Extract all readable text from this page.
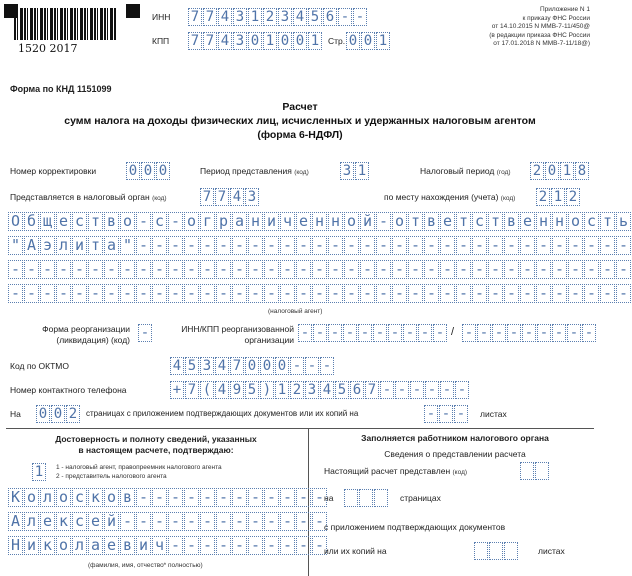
1520 2017
ИНН 7 7 4 3 1 2 3 4 5 6 - -
КПП 7 7 4 3 0 1 0 0 1	Стр. 0 0 1
Приложение N 1
к приказу ФНС России
от 14.10.2015 N ММВ-7-11/450@
(в редакции приказа ФНС России
от 17.01.2018 N ММВ-7-11/18@)
Форма по КНД 1151099
Расчет
сумм налога на доходы физических лиц, исчисленных и удержанных налоговым агентом
(форма 6-НДФЛ)
Номер корректировки 0 0 0	Период представления (код) 3 1	Налоговый период (год) 2 0 1 8
Представляется в налоговый орган (код)	7 7 4 3	по месту нахождения (учета) (код) 2 1 2
О б щ е с т в о - с - о г р а н и ч е н н о й - о т в е т с т в е н н о с т ь
" А э л и т а " - - - - - - - - - - - - - - - - - - - - - - - - - - - - - - -
- - - - - - - - - - - - - - - - - - - - - - - - - - - - - - - - - - - - - - -
- - - - - - - - - - - - - - - - - - - - - - - - - - - - - - - - - - - - - - -
(налоговый агент)
Форма реорганизации
(ликвидация) (код) -	ИНН/КПП реорганизованной
организации - - - - - - - - - - / - - - - - - - - -
Код по ОКТМО	4 5 3 4 7 0 0 0 - - -
Номер контактного телефона	+ 7 ( 4 9 5 ) 1 2 3 4 5 6 7 - - - - - -
На 0 0 2	страницах с приложением подтверждающих документов или их копий на	- - -	листах
Достоверность и полноту сведений, указанных
в настоящем расчете, подтверждаю:
1	1 - налоговый агент, правопреемник налогового агента
2 - представитель налогового агента
К о л о с к о в - - - - - - - - - - - -
А л е к с е й - - - - - - - - - - - - -
Н и к о л а е в и ч - - - - - - - - - -
(фамилия, имя, отчество* полностью)
Заполняется работником налогового органа
Сведения о представлении расчета
Настоящий расчет представлен (код)
на	страницах
с приложением подтверждающих документов
или их копий на	листах
